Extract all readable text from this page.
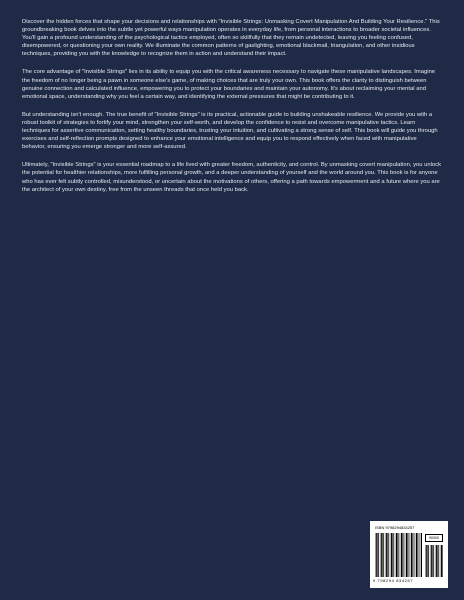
Discover the hidden forces that shape your decisions and relationships with "Invisible Strings: Unmasking Covert Manipulation And Building Your Resilience." This groundbreaking book delves into the subtle yet powerful ways manipulation operates in everyday life, from personal interactions to broader societal influences. You'll gain a profound understanding of the psychological tactics employed, often so skillfully that they remain undetected, leaving you feeling confused, disempowered, or questioning your own reality. We illuminate the common patterns of gaslighting, emotional blackmail, triangulation, and other insidious techniques, providing you with the knowledge to recognize them in action and understand their impact.

The core advantage of "Invisible Strings" lies in its ability to equip you with the critical awareness necessary to navigate these manipulative landscapes. Imagine the freedom of no longer being a pawn in someone else's game, of making choices that are truly your own. This book offers the clarity to distinguish between genuine connection and calculated influence, empowering you to protect your boundaries and maintain your autonomy. It's about reclaiming your mental and emotional space, understanding why you feel a certain way, and identifying the external pressures that might be contributing to it.

But understanding isn't enough. The true benefit of "Invisible Strings" is its practical, actionable guide to building unshakeable resilience. We provide you with a robust toolkit of strategies to fortify your mind, strengthen your self-worth, and develop the confidence to resist and overcome manipulative tactics. Learn techniques for assertive communication, setting healthy boundaries, trusting your intuition, and cultivating a strong sense of self. This book will guide you through exercises and self-reflection prompts designed to enhance your emotional intelligence and equip you to respond effectively when faced with manipulative behavior, ensuring you emerge stronger and more self-assured.

Ultimately, "Invisible Strings" is your essential roadmap to a life lived with greater freedom, authenticity, and control. By unmasking covert manipulation, you unlock the potential for healthier relationships, more fulfilling personal growth, and a deeper understanding of yourself and the world around you. This book is for anyone who has ever felt subtly controlled, misunderstood, or uncertain about the motivations of others, offering a path towards empowerment and a future where you are the architect of your own destiny, free from the unseen threads that once held you back.

ISBN 9798294834257
90000
9 798294 834257
